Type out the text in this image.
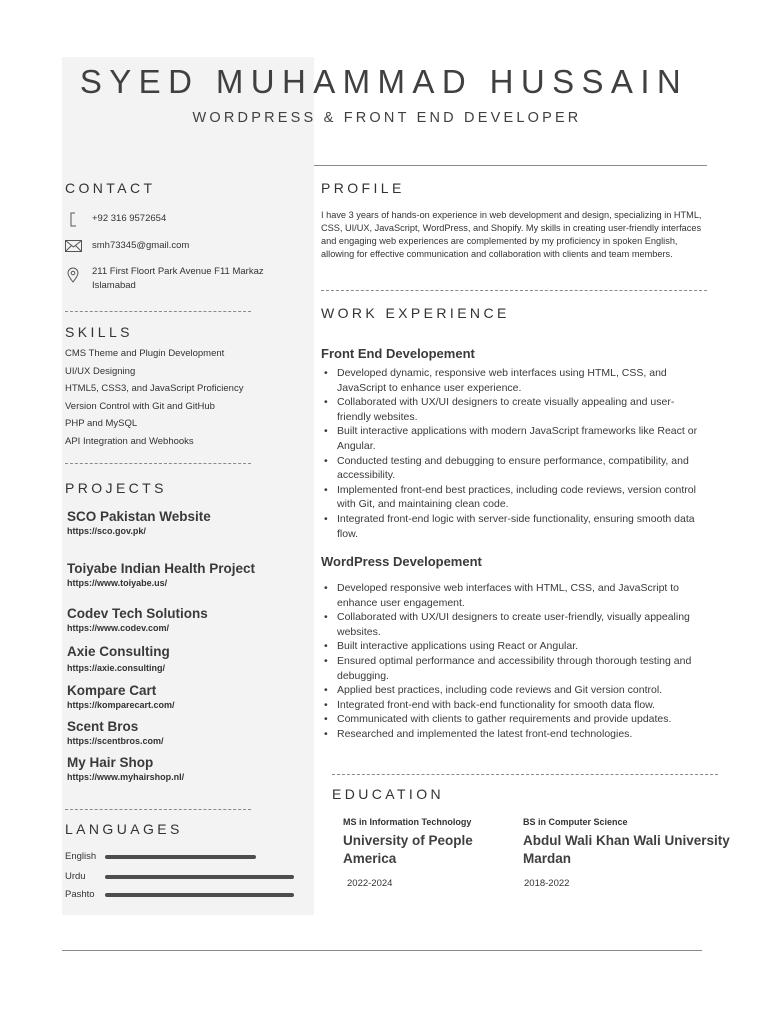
SYED MUHAMMAD HUSSAIN
WORDPRESS & FRONT END DEVELOPER
CONTACT
+92 316 9572654
smh73345@gmail.com
211 First Floort Park Avenue F11 Markaz
Islamabad
SKILLS
CMS Theme and Plugin Development
UI/UX Designing
HTML5, CSS3, and JavaScript Proficiency
Version Control with Git and GitHub
PHP and MySQL
API Integration and Webhooks
PROJECTS
SCO Pakistan Website
https://sco.gov.pk/
Toiyabe Indian Health Project
https://www.toiyabe.us/
Codev Tech Solutions
https://www.codev.com/
Axie Consulting
https://axie.consulting/
Kompare Cart
https://komparecart.com/
Scent Bros
https://scentbros.com/
My Hair Shop
https://www.myhairshop.nl/
LANGUAGES
English
Urdu
Pashto
PROFILE
I have 3 years of hands-on experience in web development and design, specializing in HTML, CSS, UI/UX, JavaScript, WordPress, and Shopify. My skills in creating user-friendly interfaces and engaging web experiences are complemented by my proficiency in spoken English, allowing for effective communication and collaboration with clients and team members.
WORK EXPERIENCE
Front End Developement
• Developed dynamic, responsive web interfaces using HTML, CSS, and JavaScript to enhance user experience.
• Collaborated with UX/UI designers to create visually appealing and user-friendly websites.
• Built interactive applications with modern JavaScript frameworks like React or Angular.
• Conducted testing and debugging to ensure performance, compatibility, and accessibility.
• Implemented front-end best practices, including code reviews, version control with Git, and maintaining clean code.
• Integrated front-end logic with server-side functionality, ensuring smooth data flow.
WordPress Developement
• Developed responsive web interfaces with HTML, CSS, and JavaScript to enhance user engagement.
• Collaborated with UX/UI designers to create user-friendly, visually appealing websites.
• Built interactive applications using React or Angular.
• Ensured optimal performance and accessibility through thorough testing and debugging.
• Applied best practices, including code reviews and Git version control.
• Integrated front-end with back-end functionality for smooth data flow.
• Communicated with clients to gather requirements and provide updates.
• Researched and implemented the latest front-end technologies.
EDUCATION
MS in Information Technology
University of People America
2022-2024
BS in Computer Science
Abdul Wali Khan Wali University Mardan
2018-2022
